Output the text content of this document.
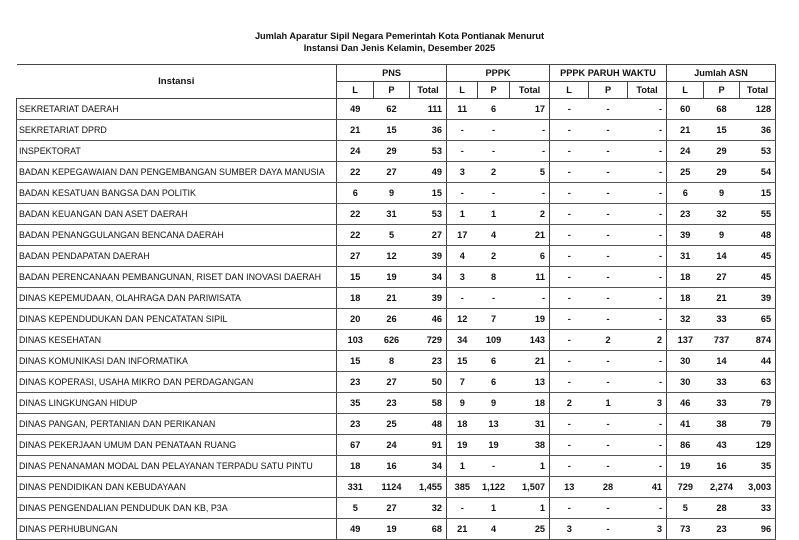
Jumlah Aparatur Sipil Negara Pemerintah Kota Pontianak Menurut
Instansi Dan Jenis Kelamin, Desember 2025
Instansi	PNS			PPPK			PPPK PARUH WAKTU			Jumlah ASN		
	L	P	Total	L	P	Total	L	P	Total	L	P	Total
SEKRETARIAT DAERAH	49	62	111	11	6	17	-	-	-	60	68	128
SEKRETARIAT DPRD	21	15	36	-	-	-	-	-	-	21	15	36
INSPEKTORAT	24	29	53	-	-	-	-	-	-	24	29	53
BADAN KEPEGAWAIAN DAN PENGEMBANGAN SUMBER DAYA MANUSIA	22	27	49	3	2	5	-	-	-	25	29	54
BADAN KESATUAN BANGSA DAN POLITIK	6	9	15	-	-	-	-	-	-	6	9	15
BADAN KEUANGAN DAN ASET DAERAH	22	31	53	1	1	2	-	-	-	23	32	55
BADAN PENANGGULANGAN BENCANA DAERAH	22	5	27	17	4	21	-	-	-	39	9	48
BADAN PENDAPATAN DAERAH	27	12	39	4	2	6	-	-	-	31	14	45
BADAN PERENCANAAN PEMBANGUNAN, RISET DAN INOVASI DAERAH	15	19	34	3	8	11	-	-	-	18	27	45
DINAS KEPEMUDAAN, OLAHRAGA DAN PARIWISATA	18	21	39	-	-	-	-	-	-	18	21	39
DINAS KEPENDUDUKAN DAN PENCATATAN SIPIL	20	26	46	12	7	19	-	-	-	32	33	65
DINAS KESEHATAN	103	626	729	34	109	143	-	2	2	137	737	874
DINAS KOMUNIKASI DAN INFORMATIKA	15	8	23	15	6	21	-	-	-	30	14	44
DINAS KOPERASI, USAHA MIKRO DAN PERDAGANGAN	23	27	50	7	6	13	-	-	-	30	33	63
DINAS LINGKUNGAN HIDUP	35	23	58	9	9	18	2	1	3	46	33	79
DINAS PANGAN, PERTANIAN DAN PERIKANAN	23	25	48	18	13	31	-	-	-	41	38	79
DINAS PEKERJAAN UMUM DAN PENATAAN RUANG	67	24	91	19	19	38	-	-	-	86	43	129
DINAS PENANAMAN MODAL DAN PELAYANAN TERPADU SATU PINTU	18	16	34	1	-	1	-	-	-	19	16	35
DINAS PENDIDIKAN DAN KEBUDAYAAN	331	1124	1,455	385	1,122	1,507	13	28	41	729	2,274	3,003
DINAS PENGENDALIAN PENDUDUK DAN KB, P3A	5	27	32	-	1	1	-	-	-	5	28	33
DINAS PERHUBUNGAN	49	19	68	21	4	25	3	-	3	73	23	96
